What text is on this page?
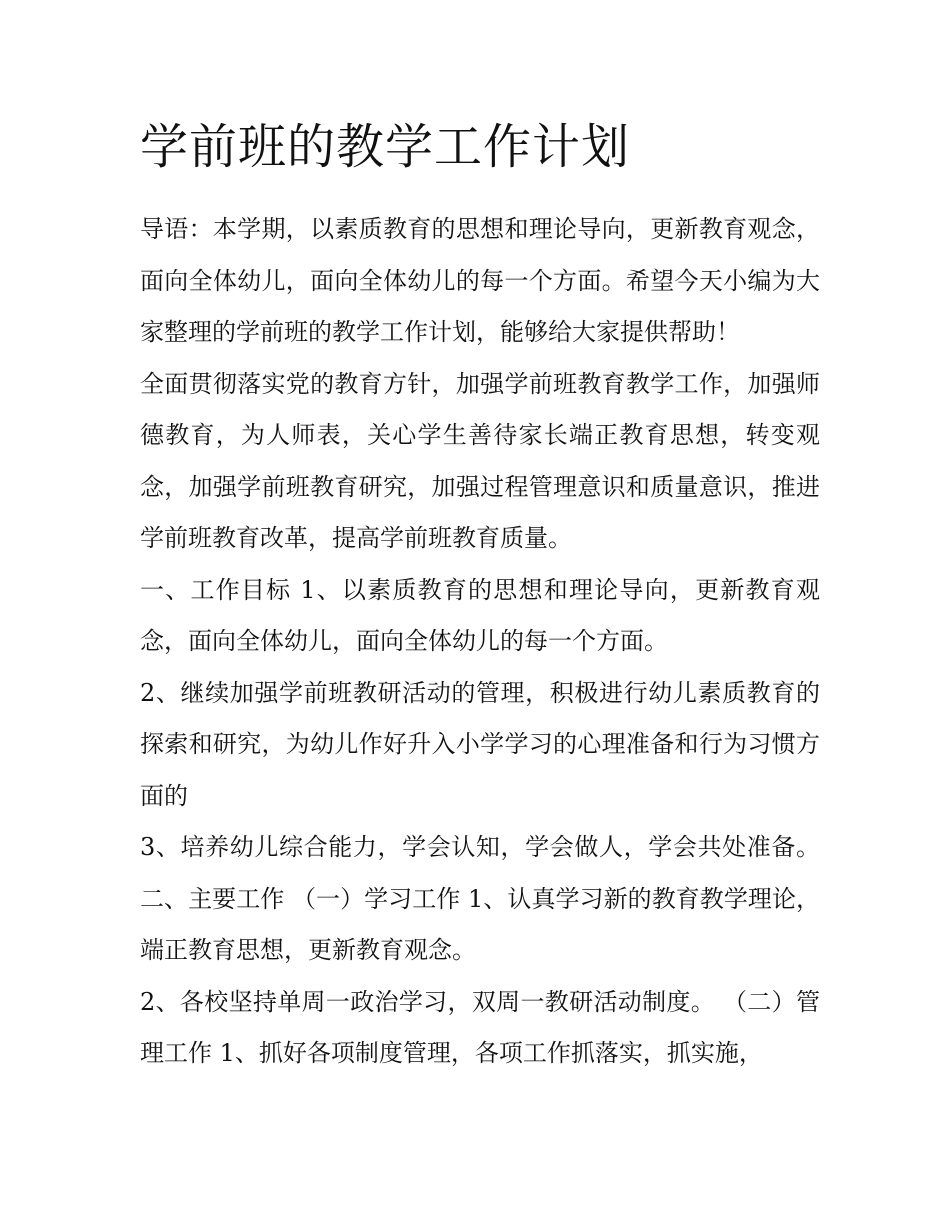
学前班的教学工作计划

导语：本学期，以素质教育的思想和理论导向，更新教育观念，面向全体幼儿，面向全体幼儿的每一个方面。希望今天小编为大家整理的学前班的教学工作计划，能够给大家提供帮助！

全面贯彻落实党的教育方针，加强学前班教育教学工作，加强师德教育，为人师表，关心学生善待家长端正教育思想，转变观念，加强学前班教育研究，加强过程管理意识和质量意识，推进学前班教育改革，提高学前班教育质量。

一、工作目标 1、以素质教育的思想和理论导向，更新教育观念，面向全体幼儿，面向全体幼儿的每一个方面。

2、继续加强学前班教研活动的管理，积极进行幼儿素质教育的探索和研究，为幼儿作好升入小学学习的心理准备和行为习惯方面的

3、培养幼儿综合能力，学会认知，学会做人，学会共处准备。 二、主要工作 （一）学习工作 1、认真学习新的教育教学理论，端正教育思想，更新教育观念。

2、各校坚持单周一政治学习，双周一教研活动制度。 （二）管理工作 1、抓好各项制度管理，各项工作抓落实，抓实施，
